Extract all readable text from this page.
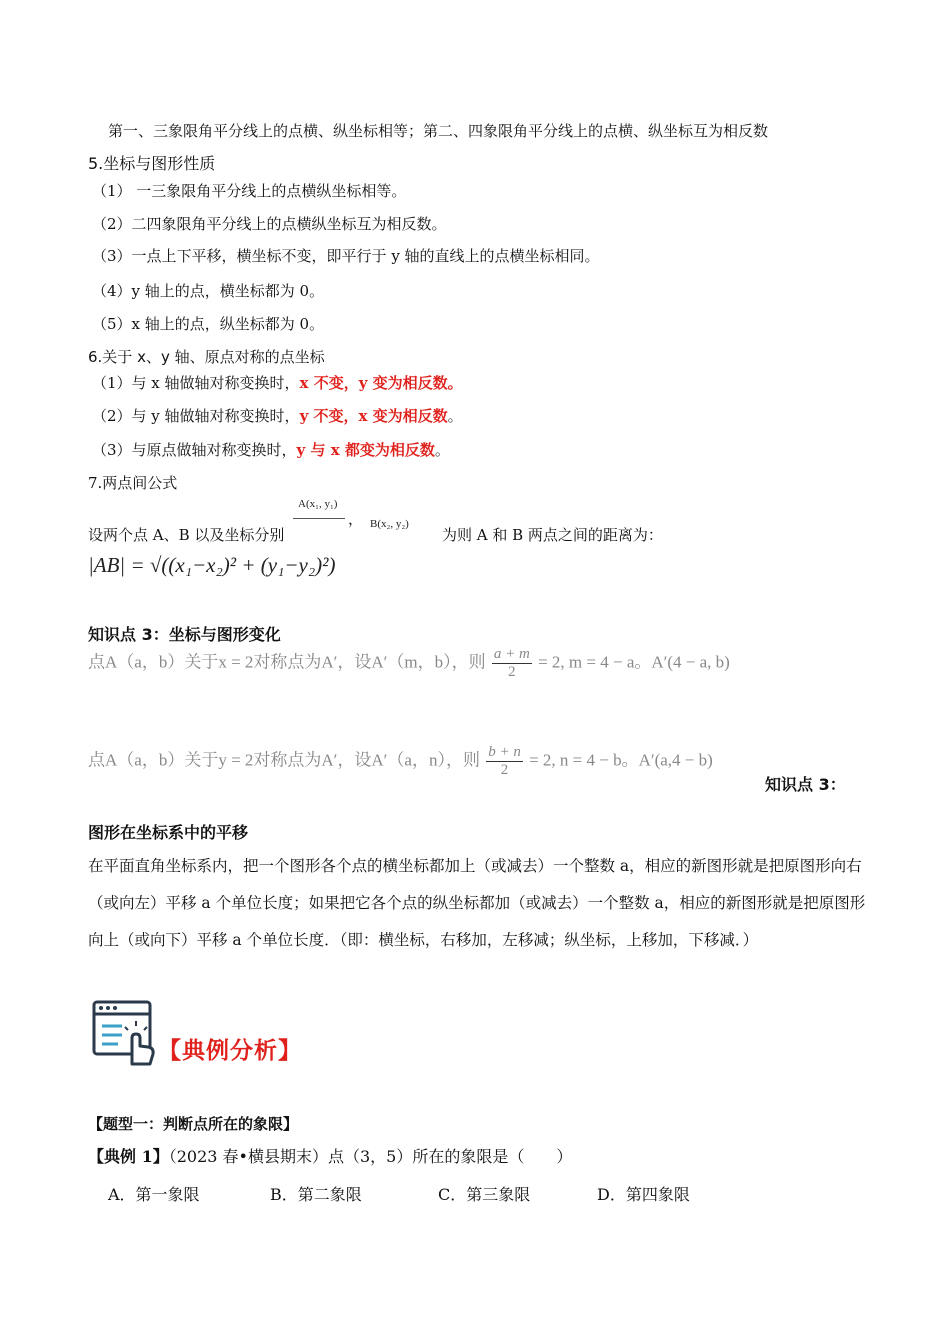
第一、三象限角平分线上的点横、纵坐标相等；第二、四象限角平分线上的点横、纵坐标互为相反数
5.坐标与图形性质
（1） 一三象限角平分线上的点横纵坐标相等。
（2）二四象限角平分线上的点横纵坐标互为相反数。
（3）一点上下平移，横坐标不变，即平行于 y 轴的直线上的点横坐标相同。
（4）y 轴上的点，横坐标都为 0。
（5）x 轴上的点，纵坐标都为 0。
6.关于 x、y 轴、原点对称的点坐标
（1）与 x 轴做轴对称变换时，x 不变，y 变为相反数。
（2）与 y 轴做轴对称变换时，y 不变，x 变为相反数。
（3）与原点做轴对称变换时，y 与 x 都变为相反数。
7.两点间公式
A(x₁, y₁)
设两个点 A、B 以及坐标分别
， B(x₂, y₂)
为则 A 和 B 两点之间的距离为：
|AB| = √((x₁−x₂)² + (y₁−y₂)²)
知识点 3：坐标与图形变化
点A（a，b）关于x = 2对称点为A′，设A′（m，b），则 $\frac{a + m}{2} = 2$, m = 4 − a。A′(4 − a, b)
点A（a，b）关于y = 2对称点为A′，设A′（a，n），则 $\frac{b + n}{2} = 2$, n = 4 − b。A′(a,4 − b)
知识点 3：
图形在坐标系中的平移
在平面直角坐标系内，把一个图形各个点的横坐标都加上（或减去）一个整数 a，相应的新图形就是把原图形向右（或向左）平移 a 个单位长度；如果把它各个点的纵坐标都加（或减去）一个整数 a，相应的新图形就是把原图形向上（或向下）平移 a 个单位长度．（即：横坐标，右移加，左移减；纵坐标，上移加，下移减．）
【典例分析】
【题型一：判断点所在的象限】
【典例 1】（2023 春•横县期末）点（3，5）所在的象限是（　　）
A．第一象限	B．第二象限	C．第三象限	D．第四象限
